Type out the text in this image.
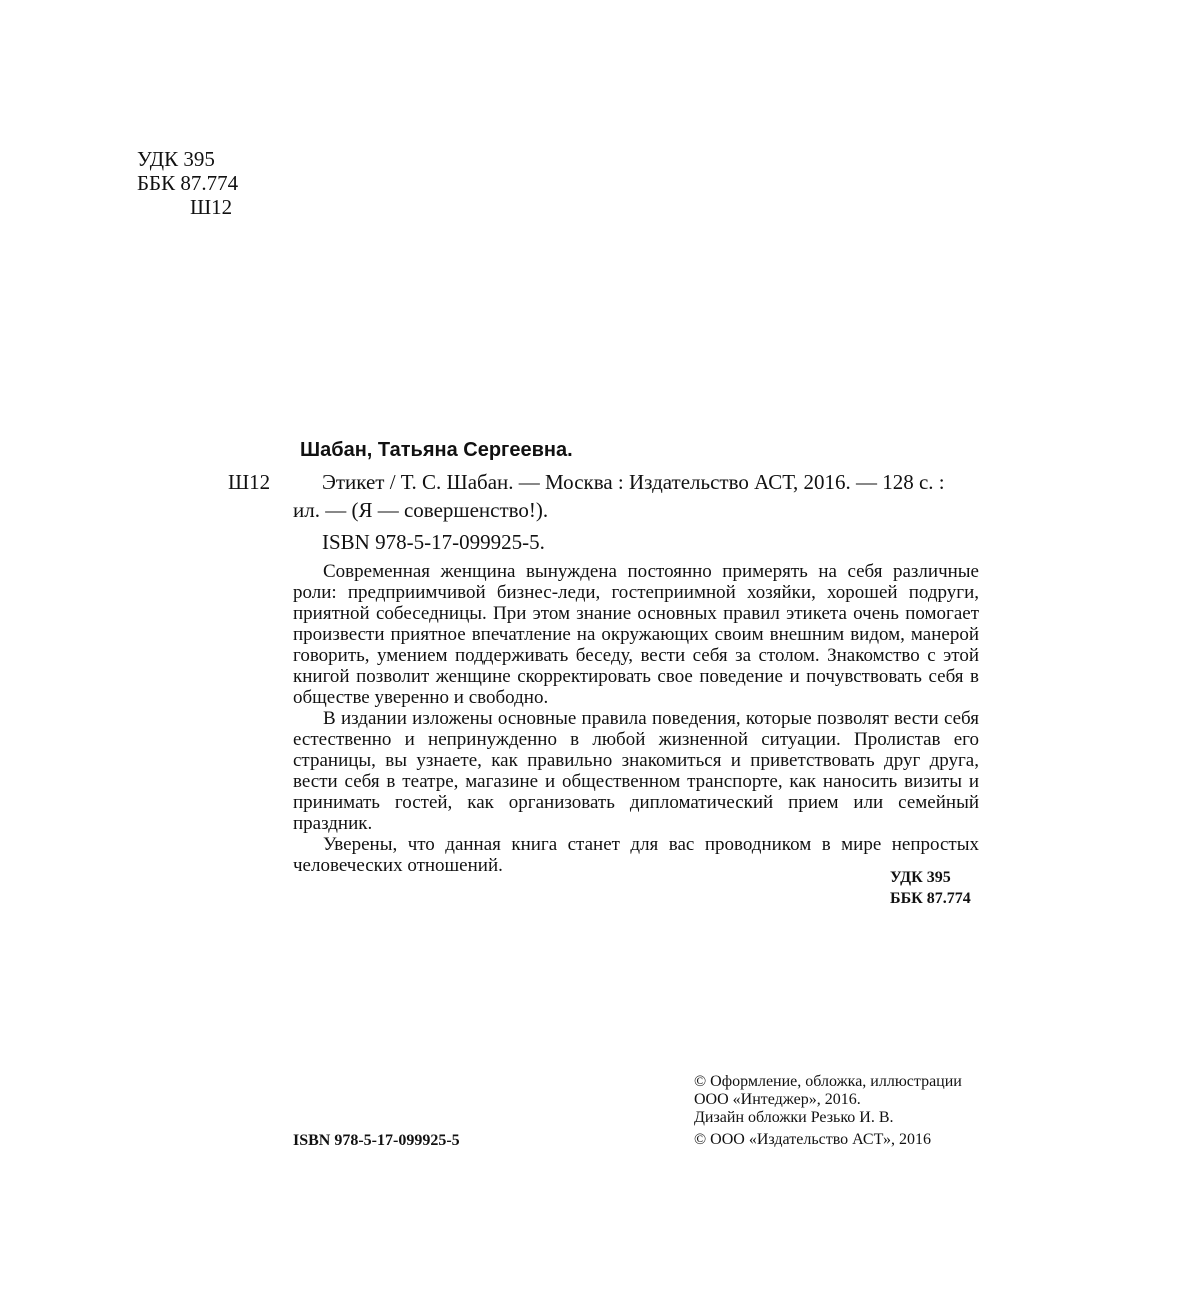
УДК 395
ББК 87.774
Ш12
Шабан, Татьяна Сергеевна.
Ш12 Этикет / Т. С. Шабан. — Москва : Издательство АСТ, 2016. — 128 с. :
ил. — (Я — совершенство!).
ISBN 978-5-17-099925-5.

Современная женщина вынуждена постоянно примерять на себя различные роли: предприимчивой бизнес-леди, гостеприимной хозяйки, хорошей подруги, приятной собеседницы. При этом знание основных правил этикета очень помогает произвести приятное впечатление на окружающих своим внешним видом, манерой говорить, умением поддерживать беседу, вести себя за столом. Знакомство с этой книгой позволит женщине скорректировать свое поведение и почувствовать себя в обществе уверенно и свободно.

В издании изложены основные правила поведения, которые позволят вести себя естественно и непринужденно в любой жизненной ситуации. Пролистав его страницы, вы узнаете, как правильно знакомиться и приветствовать друг друга, вести себя в театре, магазине и общественном транспорте, как наносить визиты и принимать гостей, как организовать дипломатический прием или семейный праздник.

Уверены, что данная книга станет для вас проводником в мире непростых человеческих отношений.

УДК 395
ББК 87.774
ISBN 978-5-17-099925-5
© Оформление, обложка, иллюстрации
ООО «Интеджер», 2016.
Дизайн обложки Резько И. В.
© ООО «Издательство АСТ», 2016
